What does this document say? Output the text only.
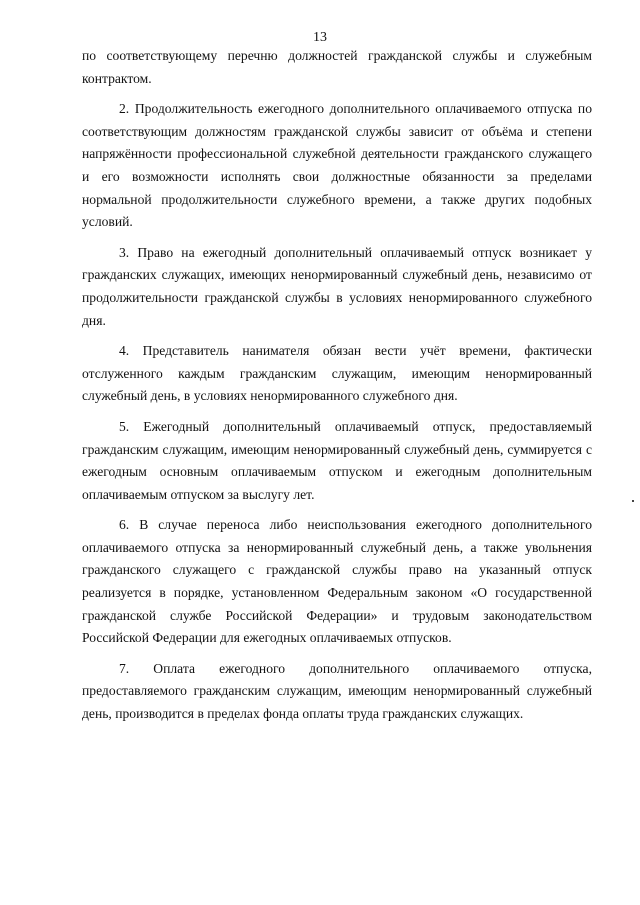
13

по соответствующему перечню должностей гражданской службы и служебным контрактом.

2. Продолжительность ежегодного дополнительного оплачиваемого отпуска по соответствующим должностям гражданской службы зависит от объёма и степени напряжённости профессиональной служебной деятельности гражданского служащего и его возможности исполнять свои должностные обязанности за пределами нормальной продолжительности служебного времени, а также других подобных условий.

3. Право на ежегодный дополнительный оплачиваемый отпуск возникает у гражданских служащих, имеющих ненормированный служебный день, независимо от продолжительности гражданской службы в условиях ненормированного служебного дня.

4. Представитель нанимателя обязан вести учёт времени, фактически отслуженного каждым гражданским служащим, имеющим ненормированный служебный день, в условиях ненормированного служебного дня.

5. Ежегодный дополнительный оплачиваемый отпуск, предоставляемый гражданским служащим, имеющим ненормированный служебный день, суммируется с ежегодным основным оплачиваемым отпуском и ежегодным дополнительным оплачиваемым отпуском за выслугу лет.

6. В случае переноса либо неиспользования ежегодного дополнительного оплачиваемого отпуска за ненормированный служебный день, а также увольнения гражданского служащего с гражданской службы право на указанный отпуск реализуется в порядке, установленном Федеральным законом «О государственной гражданской службе Российской Федерации» и трудовым законодательством Российской Федерации для ежегодных оплачиваемых отпусков.

7. Оплата ежегодного дополнительного оплачиваемого отпуска, предоставляемого гражданским служащим, имеющим ненормированный служебный день, производится в пределах фонда оплаты труда гражданских служащих.
